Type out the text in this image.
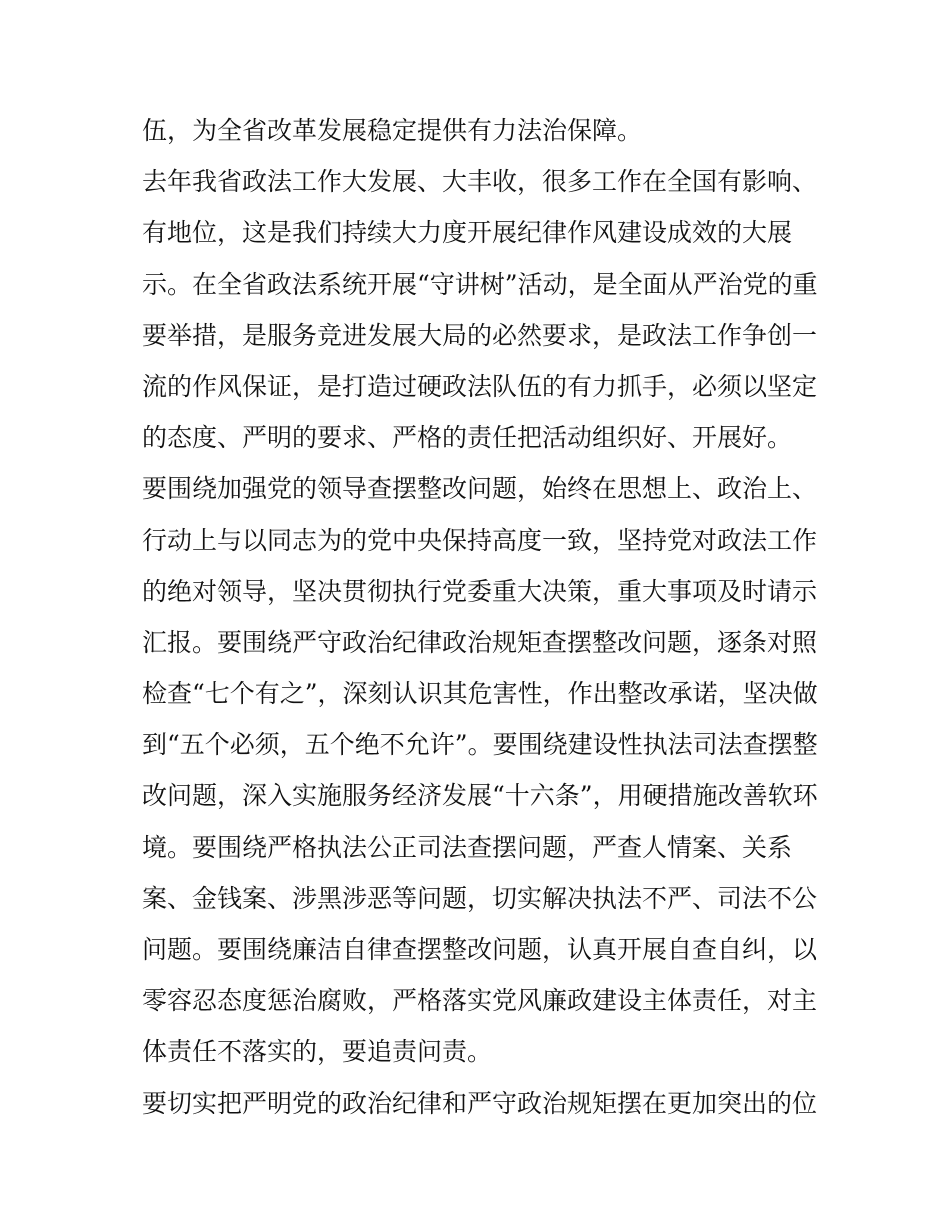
伍，为全省改革发展稳定提供有力法治保障。
去年我省政法工作大发展、大丰收，很多工作在全国有影响、
有地位，这是我们持续大力度开展纪律作风建设成效的大展
示。在全省政法系统开展“守讲树”活动，是全面从严治党的重
要举措，是服务竞进发展大局的必然要求，是政法工作争创一
流的作风保证，是打造过硬政法队伍的有力抓手，必须以坚定
的态度、严明的要求、严格的责任把活动组织好、开展好。
要围绕加强党的领导查摆整改问题，始终在思想上、政治上、
行动上与以同志为的党中央保持高度一致，坚持党对政法工作
的绝对领导，坚决贯彻执行党委重大决策，重大事项及时请示
汇报。要围绕严守政治纪律政治规矩查摆整改问题，逐条对照
检查“七个有之”，深刻认识其危害性，作出整改承诺，坚决做
到“五个必须，五个绝不允许”。要围绕建设性执法司法查摆整
改问题，深入实施服务经济发展“十六条”，用硬措施改善软环
境。要围绕严格执法公正司法查摆问题，严查人情案、关系
案、金钱案、涉黑涉恶等问题，切实解决执法不严、司法不公
问题。要围绕廉洁自律查摆整改问题，认真开展自查自纠，以
零容忍态度惩治腐败，严格落实党风廉政建设主体责任，对主
体责任不落实的，要追责问责。
要切实把严明党的政治纪律和严守政治规矩摆在更加突出的位
